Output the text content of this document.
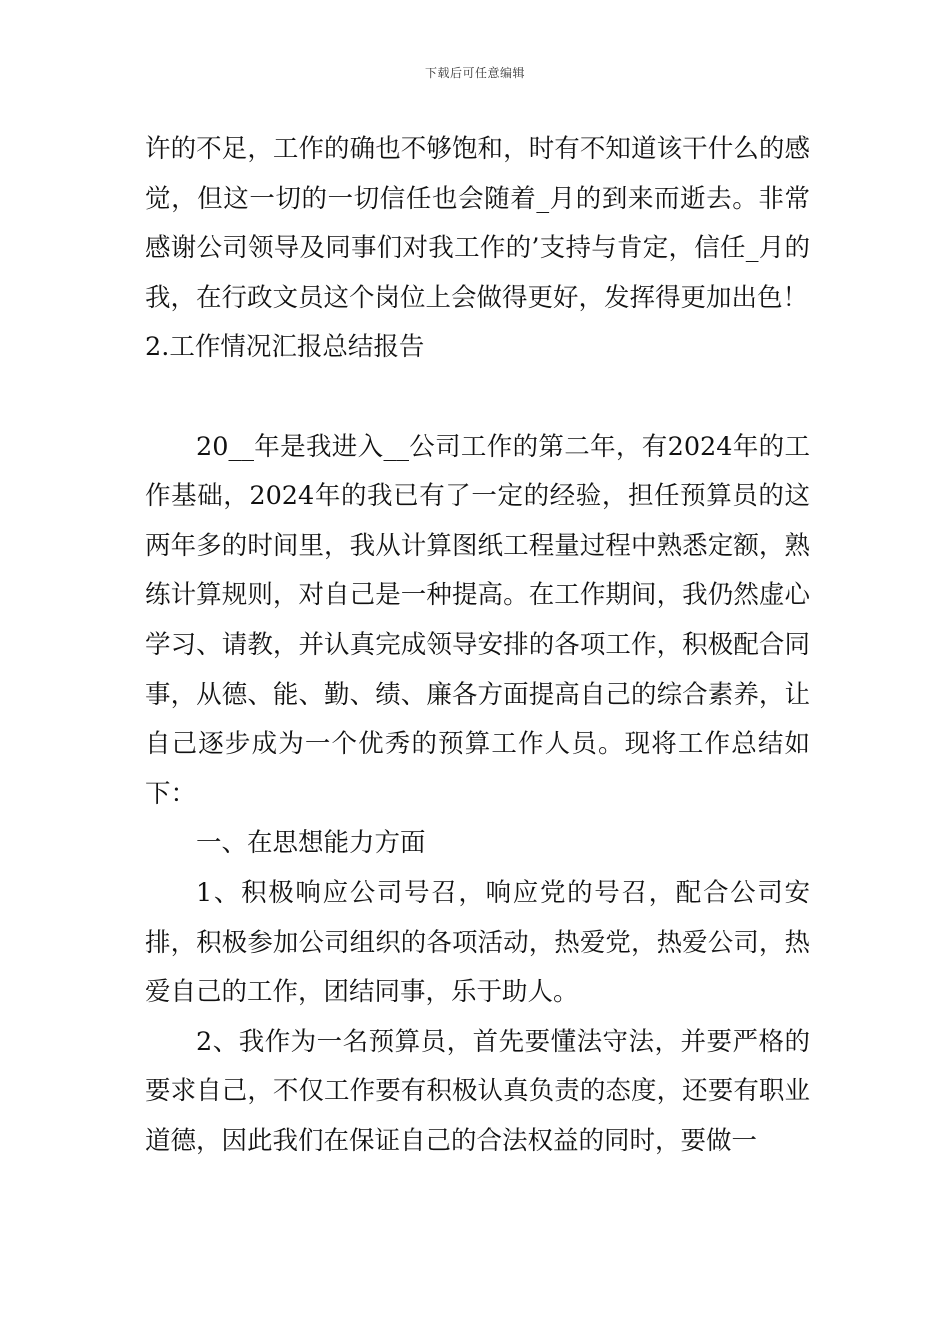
下载后可任意编辑

许的不足，工作的确也不够饱和，时有不知道该干什么的感觉，但这一切的一切信任也会随着_月的到来而逝去。非常感谢公司领导及同事们对我工作的’支持与肯定，信任_月的我，在行政文员这个岗位上会做得更好，发挥得更加出色！

2.工作情况汇报总结报告

20__年是我进入__公司工作的第二年，有2024年的工作基础，2024年的我已有了一定的经验，担任预算员的这两年多的时间里，我从计算图纸工程量过程中熟悉定额，熟练计算规则，对自己是一种提高。在工作期间，我仍然虚心学习、请教，并认真完成领导安排的各项工作，积极配合同事，从德、能、勤、绩、廉各方面提高自己的综合素养，让自己逐步成为一个优秀的预算工作人员。现将工作总结如下：

一、在思想能力方面

1、积极响应公司号召，响应党的号召，配合公司安排，积极参加公司组织的各项活动，热爱党，热爱公司，热爱自己的工作，团结同事，乐于助人。

2、我作为一名预算员，首先要懂法守法，并要严格的要求自己，不仅工作要有积极认真负责的态度，还要有职业道德，因此我们在保证自己的合法权益的同时，要做一
